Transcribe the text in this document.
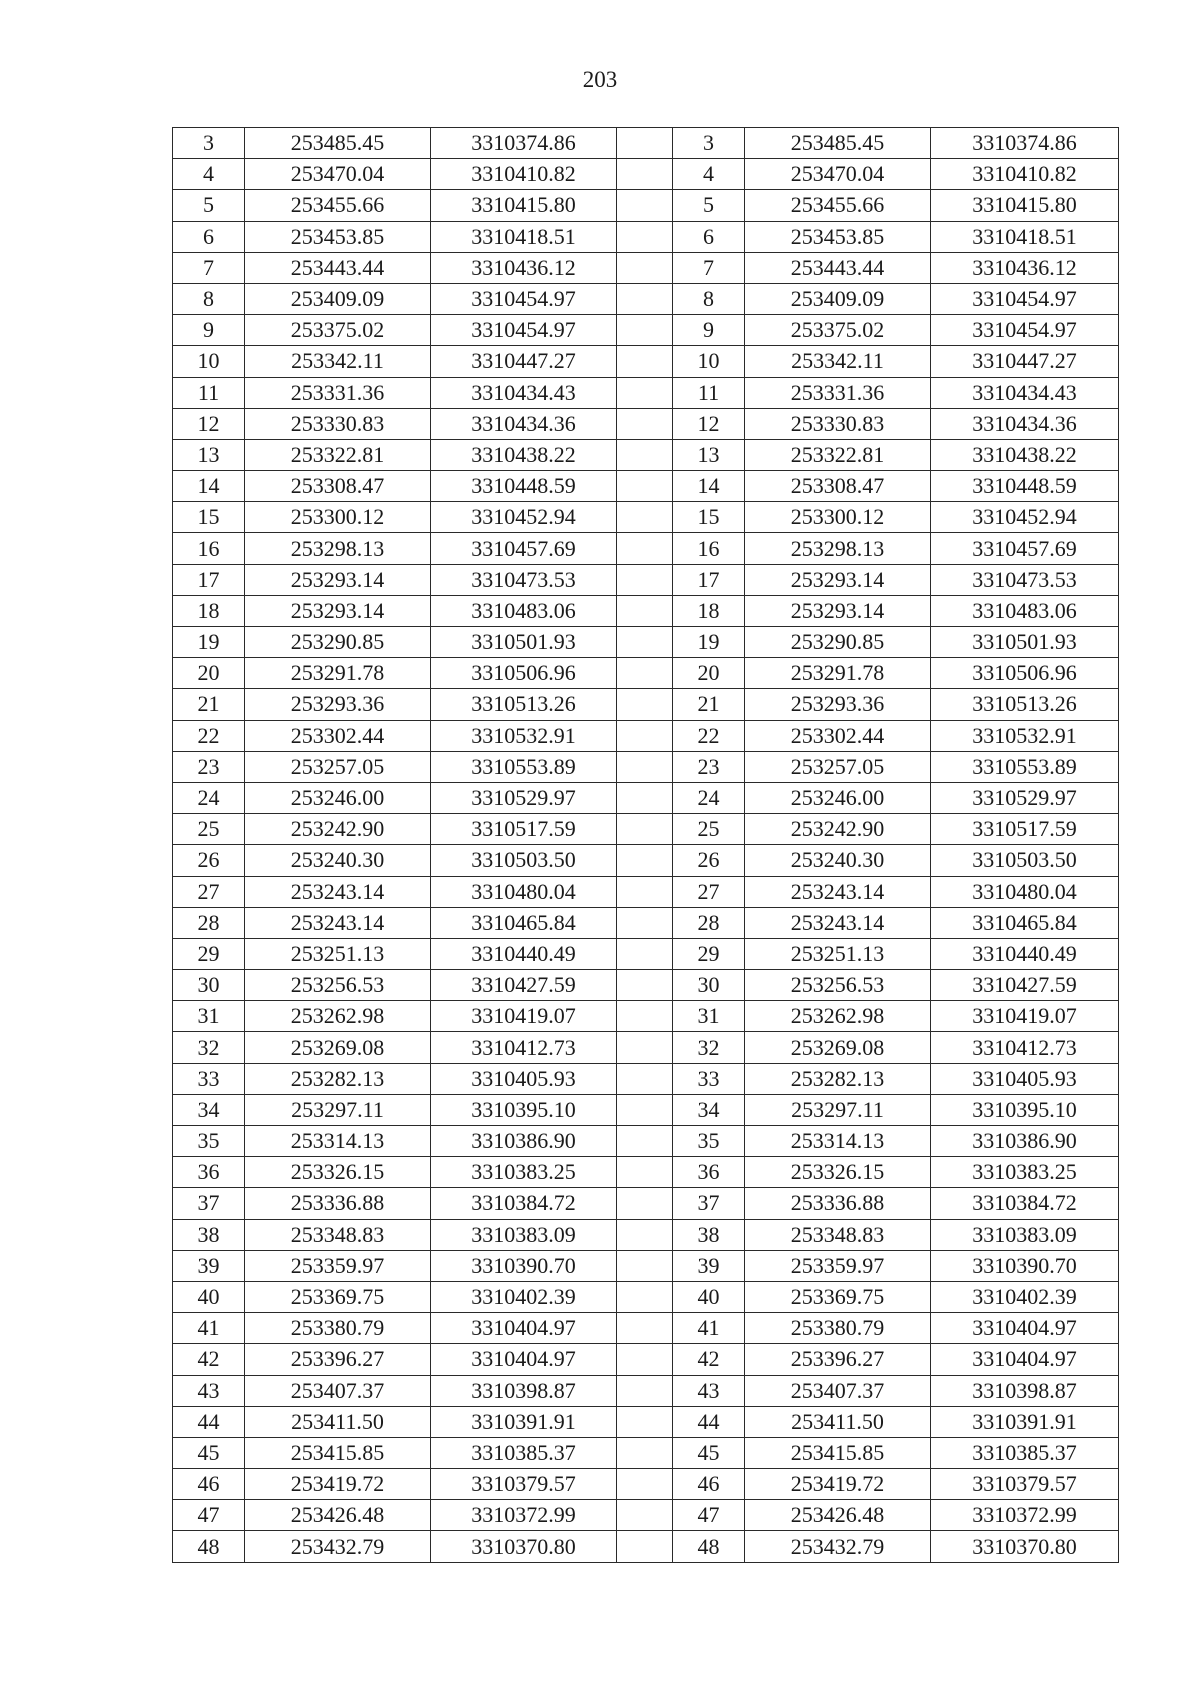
203
3	253485.45	3310374.86		3	253485.45	3310374.86
4	253470.04	3310410.82		4	253470.04	3310410.82
5	253455.66	3310415.80		5	253455.66	3310415.80
6	253453.85	3310418.51		6	253453.85	3310418.51
7	253443.44	3310436.12		7	253443.44	3310436.12
8	253409.09	3310454.97		8	253409.09	3310454.97
9	253375.02	3310454.97		9	253375.02	3310454.97
10	253342.11	3310447.27		10	253342.11	3310447.27
11	253331.36	3310434.43		11	253331.36	3310434.43
12	253330.83	3310434.36		12	253330.83	3310434.36
13	253322.81	3310438.22		13	253322.81	3310438.22
14	253308.47	3310448.59		14	253308.47	3310448.59
15	253300.12	3310452.94		15	253300.12	3310452.94
16	253298.13	3310457.69		16	253298.13	3310457.69
17	253293.14	3310473.53		17	253293.14	3310473.53
18	253293.14	3310483.06		18	253293.14	3310483.06
19	253290.85	3310501.93		19	253290.85	3310501.93
20	253291.78	3310506.96		20	253291.78	3310506.96
21	253293.36	3310513.26		21	253293.36	3310513.26
22	253302.44	3310532.91		22	253302.44	3310532.91
23	253257.05	3310553.89		23	253257.05	3310553.89
24	253246.00	3310529.97		24	253246.00	3310529.97
25	253242.90	3310517.59		25	253242.90	3310517.59
26	253240.30	3310503.50		26	253240.30	3310503.50
27	253243.14	3310480.04		27	253243.14	3310480.04
28	253243.14	3310465.84		28	253243.14	3310465.84
29	253251.13	3310440.49		29	253251.13	3310440.49
30	253256.53	3310427.59		30	253256.53	3310427.59
31	253262.98	3310419.07		31	253262.98	3310419.07
32	253269.08	3310412.73		32	253269.08	3310412.73
33	253282.13	3310405.93		33	253282.13	3310405.93
34	253297.11	3310395.10		34	253297.11	3310395.10
35	253314.13	3310386.90		35	253314.13	3310386.90
36	253326.15	3310383.25		36	253326.15	3310383.25
37	253336.88	3310384.72		37	253336.88	3310384.72
38	253348.83	3310383.09		38	253348.83	3310383.09
39	253359.97	3310390.70		39	253359.97	3310390.70
40	253369.75	3310402.39		40	253369.75	3310402.39
41	253380.79	3310404.97		41	253380.79	3310404.97
42	253396.27	3310404.97		42	253396.27	3310404.97
43	253407.37	3310398.87		43	253407.37	3310398.87
44	253411.50	3310391.91		44	253411.50	3310391.91
45	253415.85	3310385.37		45	253415.85	3310385.37
46	253419.72	3310379.57		46	253419.72	3310379.57
47	253426.48	3310372.99		47	253426.48	3310372.99
48	253432.79	3310370.80		48	253432.79	3310370.80
